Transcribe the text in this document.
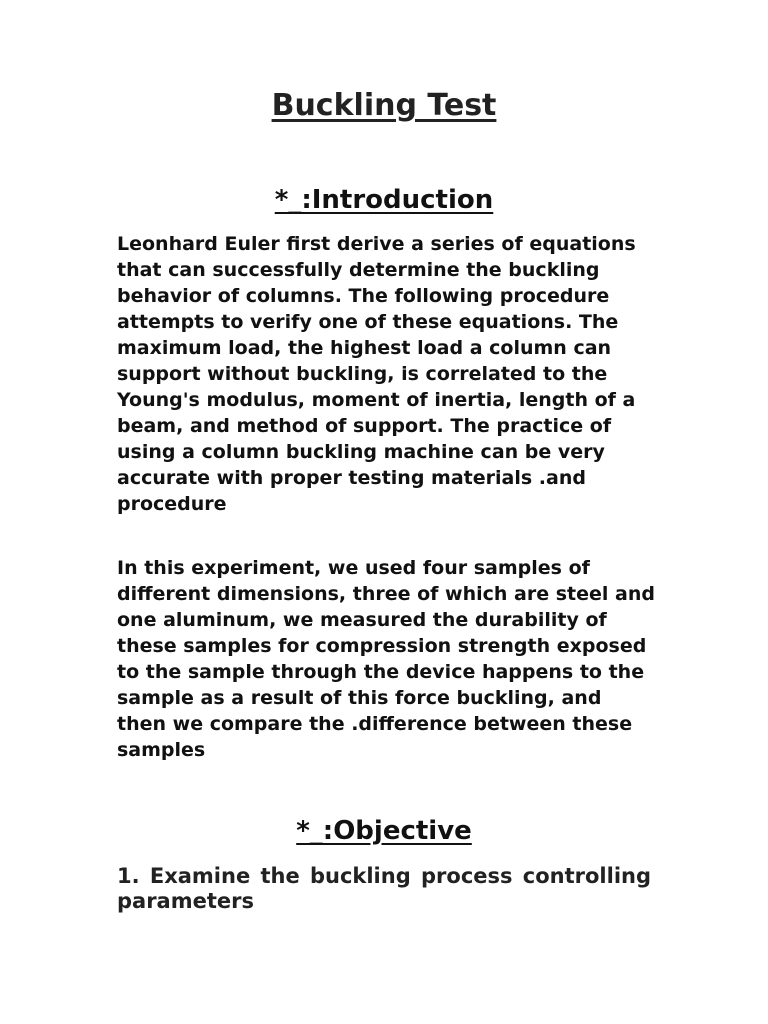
Buckling Test
*_:Introduction

Leonhard Euler first derive a series of equations that can successfully determine the buckling behavior of columns. The following procedure attempts to verify one of these equations. The maximum load, the highest load a column can support without buckling, is correlated to the Young's modulus, moment of inertia, length of a beam, and method of support. The practice of using a column buckling machine can be very accurate with proper testing materials .and procedure

In this experiment, we used four samples of different dimensions, three of which are steel and one aluminum, we measured the durability of these samples for compression strength exposed to the sample through the device happens to the sample as a result of this force buckling, and then we compare the .difference between these samples

*_:Objective

1. Examine the buckling process controlling parameters
